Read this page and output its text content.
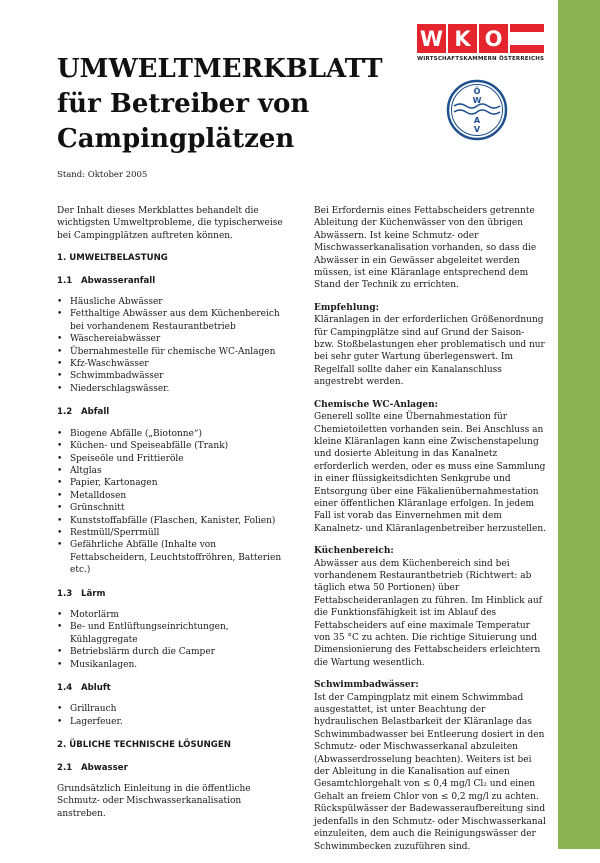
UMWELTMERKBLATT
für Betreiber von
Campingplätzen

Stand: Oktober 2005

W K O
WIRTSCHAFTSKAMMERN ÖSTERREICHS
Ö
W
A
V

Der Inhalt dieses Merkblattes behandelt die wichtigsten Umweltprobleme, die typischerweise bei Campingplätzen auftreten können.

1. UMWELTBELASTUNG
1.1 Abwasseranfall
• Häusliche Abwässer
• Fetthaltige Abwässer aus dem Küchenbereich bei vorhandenem Restaurantbetrieb
• Wäschereiabwässer
• Übernahmestelle für chemische WC-Anlagen
• Kfz-Waschwässer
• Schwimmbadwässer
• Niederschlagswässer.
1.2 Abfall
• Biogene Abfälle („Biotonne“)
• Küchen- und Speiseabfälle (Trank)
• Speiseöle und Frittieröle
• Altglas
• Papier, Kartonagen
• Metalldosen
• Grünschnitt
• Kunststoffabfälle (Flaschen, Kanister, Folien)
• Restmüll/Sperrmüll
• Gefährliche Abfälle (Inhalte von Fettabscheidern, Leuchtstoffröhren, Batterien etc.)
1.3 Lärm
• Motorlärm
• Be- und Entlüftungseinrichtungen, Kühlaggregate
• Betriebslärm durch die Camper
• Musikanlagen.
1.4 Abluft
• Grillrauch
• Lagerfeuer.
2. ÜBLICHE TECHNISCHE LÖSUNGEN
2.1 Abwasser

Grundsätzlich Einleitung in die öffentliche Schmutz- oder Mischwasserkanalisation anstreben.

Bei Erfordernis eines Fettabscheiders getrennte Ableitung der Küchenwässer von den übrigen Abwässern. Ist keine Schmutz- oder Mischwasserkanalisation vorhanden, so dass die Abwässer in ein Gewässer abgeleitet werden müssen, ist eine Kläranlage entsprechend dem Stand der Technik zu errichten.

Empfehlung:
Kläranlagen in der erforderlichen Größenordnung für Campingplätze sind auf Grund der Saison- bzw. Stoßbelastungen eher problematisch und nur bei sehr guter Wartung überlegenswert. Im Regelfall sollte daher ein Kanalanschluss angestrebt werden.
Chemische WC-Anlagen:
Generell sollte eine Übernahmestation für Chemietoiletten vorhanden sein. Bei Anschluss an kleine Kläranlagen kann eine Zwischenstapelung und dosierte Ableitung in das Kanalnetz erforderlich werden, oder es muss eine Sammlung in einer flüssigkeitsdichten Senkgrube und Entsorgung über eine Fäkalienübernahmestation einer öffentlichen Kläranlage erfolgen. In jedem Fall ist vorab das Einvernehmen mit dem Kanalnetz- und Kläranlagenbetreiber herzustellen.
Küchenbereich:
Abwässer aus dem Küchenbereich sind bei vorhandenem Restaurantbetrieb (Richtwert: ab täglich etwa 50 Portionen) über Fettabscheideranlagen zu führen. Im Hinblick auf die Funktionsfähigkeit ist im Ablauf des Fettabscheiders auf eine maximale Temperatur von 35 °C zu achten. Die richtige Situierung und Dimensionierung des Fettabscheiders erleichtern die Wartung wesentlich.
Schwimmbadwässer:
Ist der Campingplatz mit einem Schwimmbad ausgestattet, ist unter Beachtung der hydraulischen Belastbarkeit der Kläranlage das Schwimmbadwasser bei Entleerung dosiert in den Schmutz- oder Mischwasserkanal abzuleiten (Abwasserdrosselung beachten). Weiters ist bei der Ableitung in die Kanalisation auf einen Gesamtchlorgehalt von ≤ 0,4 mg/l Cl₂ und einen Gehalt an freiem Chlor von ≤ 0,2 mg/l zu achten. Rückspülwässer der Badewasseraufbereitung sind jedenfalls in den Schmutz- oder Mischwasserkanal einzuleiten, dem auch die Reinigungswässer der Schwimmbecken zuzuführen sind.
